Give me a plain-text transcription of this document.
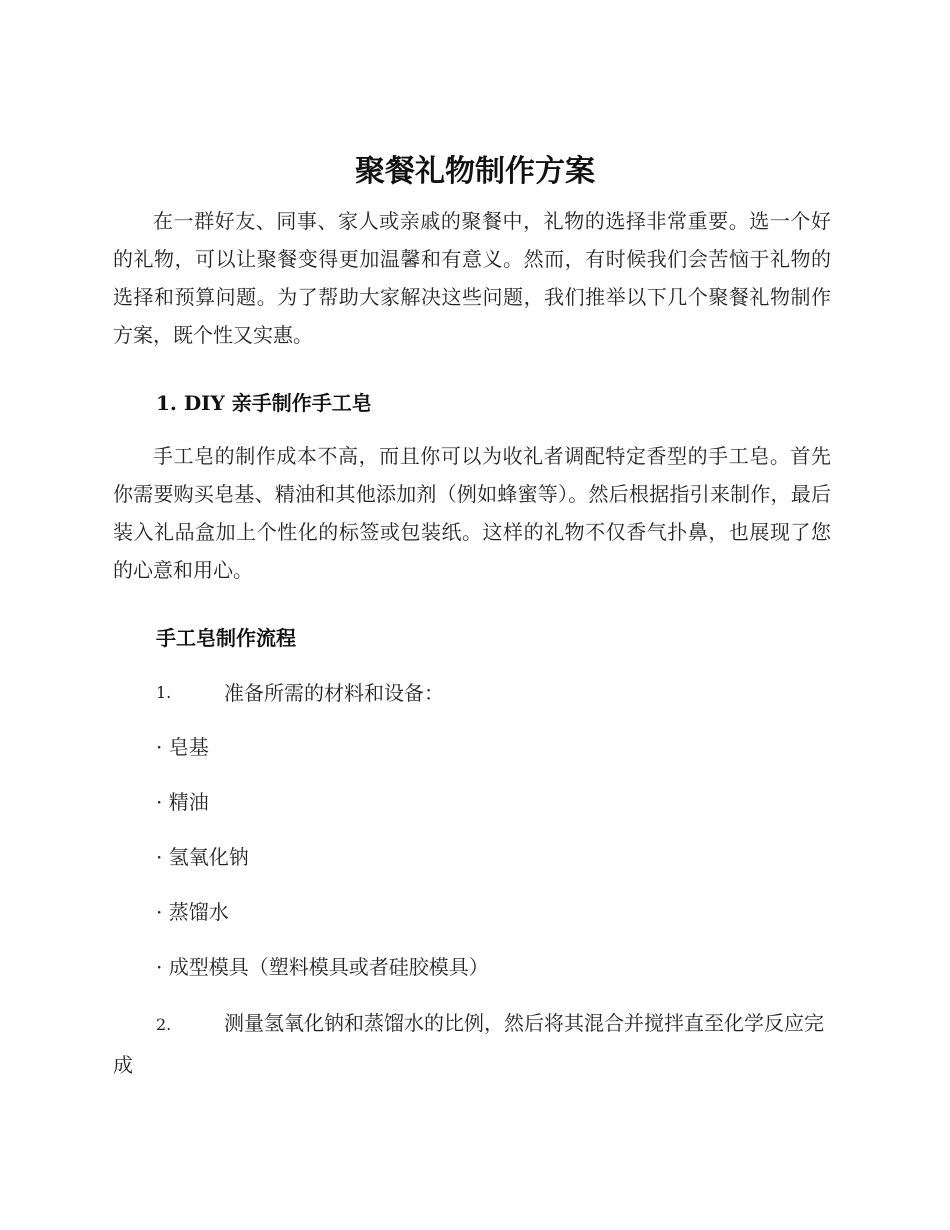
聚餐礼物制作方案
在一群好友、同事、家人或亲戚的聚餐中，礼物的选择非常重要。选一个好的礼物，可以让聚餐变得更加温馨和有意义。然而，有时候我们会苦恼于礼物的选择和预算问题。为了帮助大家解决这些问题，我们推举以下几个聚餐礼物制作方案，既个性又实惠。
1. DIY 亲手制作手工皂
手工皂的制作成本不高，而且你可以为收礼者调配特定香型的手工皂。首先你需要购买皂基、精油和其他添加剂（例如蜂蜜等）。然后根据指引来制作，最后装入礼品盒加上个性化的标签或包装纸。这样的礼物不仅香气扑鼻，也展现了您的心意和用心。
手工皂制作流程
1.	准备所需的材料和设备：
· 皂基
· 精油
· 氢氧化钠
· 蒸馏水
· 成型模具（塑料模具或者硅胶模具）
2.	测量氢氧化钠和蒸馏水的比例，然后将其混合并搅拌直至化学反应完成
